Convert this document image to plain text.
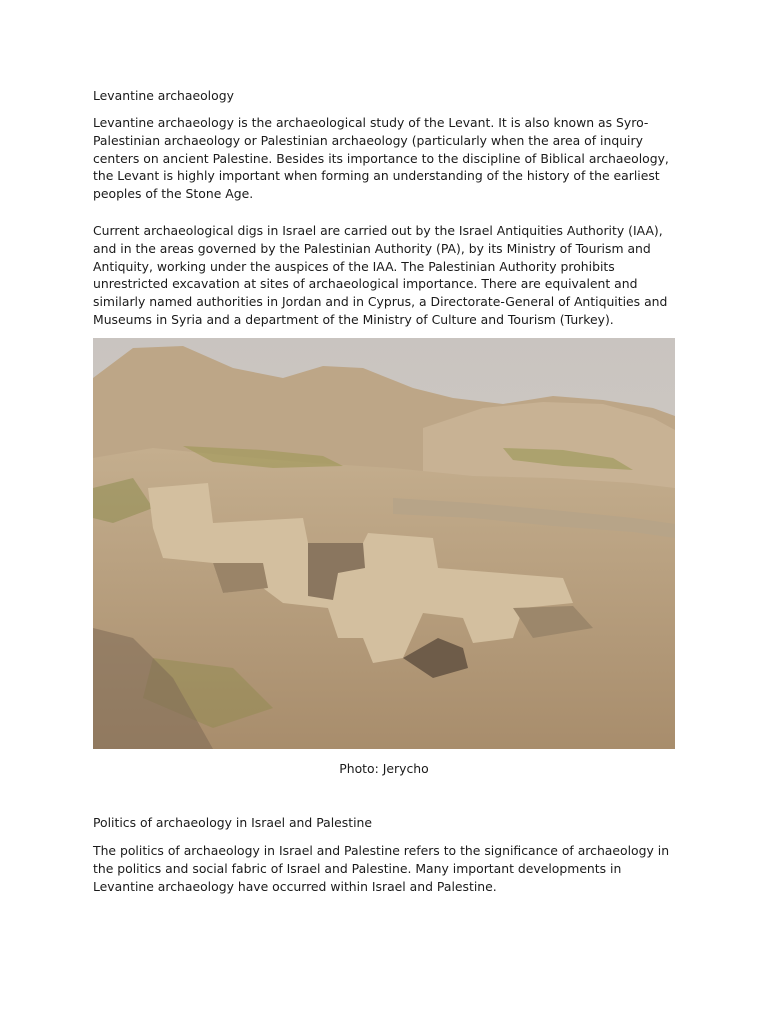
Levantine archaeology

Levantine archaeology is the archaeological study of the Levant. It is also known as Syro-Palestinian archaeology or Palestinian archaeology (particularly when the area of inquiry centers on ancient Palestine. Besides its importance to the discipline of Biblical archaeology, the Levant is highly important when forming an understanding of the history of the earliest peoples of the Stone Age.

Current archaeological digs in Israel are carried out by the Israel Antiquities Authority (IAA), and in the areas governed by the Palestinian Authority (PA), by its Ministry of Tourism and Antiquity, working under the auspices of the IAA. The Palestinian Authority prohibits unrestricted excavation at sites of archaeological importance. There are equivalent and similarly named authorities in Jordan and in Cyprus, a Directorate-General of Antiquities and Museums in Syria and a department of the Ministry of Culture and Tourism (Turkey).

Photo: Jerycho

Politics of archaeology in Israel and Palestine

The politics of archaeology in Israel and Palestine refers to the significance of archaeology in the politics and social fabric of Israel and Palestine. Many important developments in Levantine archaeology have occurred within Israel and Palestine.
